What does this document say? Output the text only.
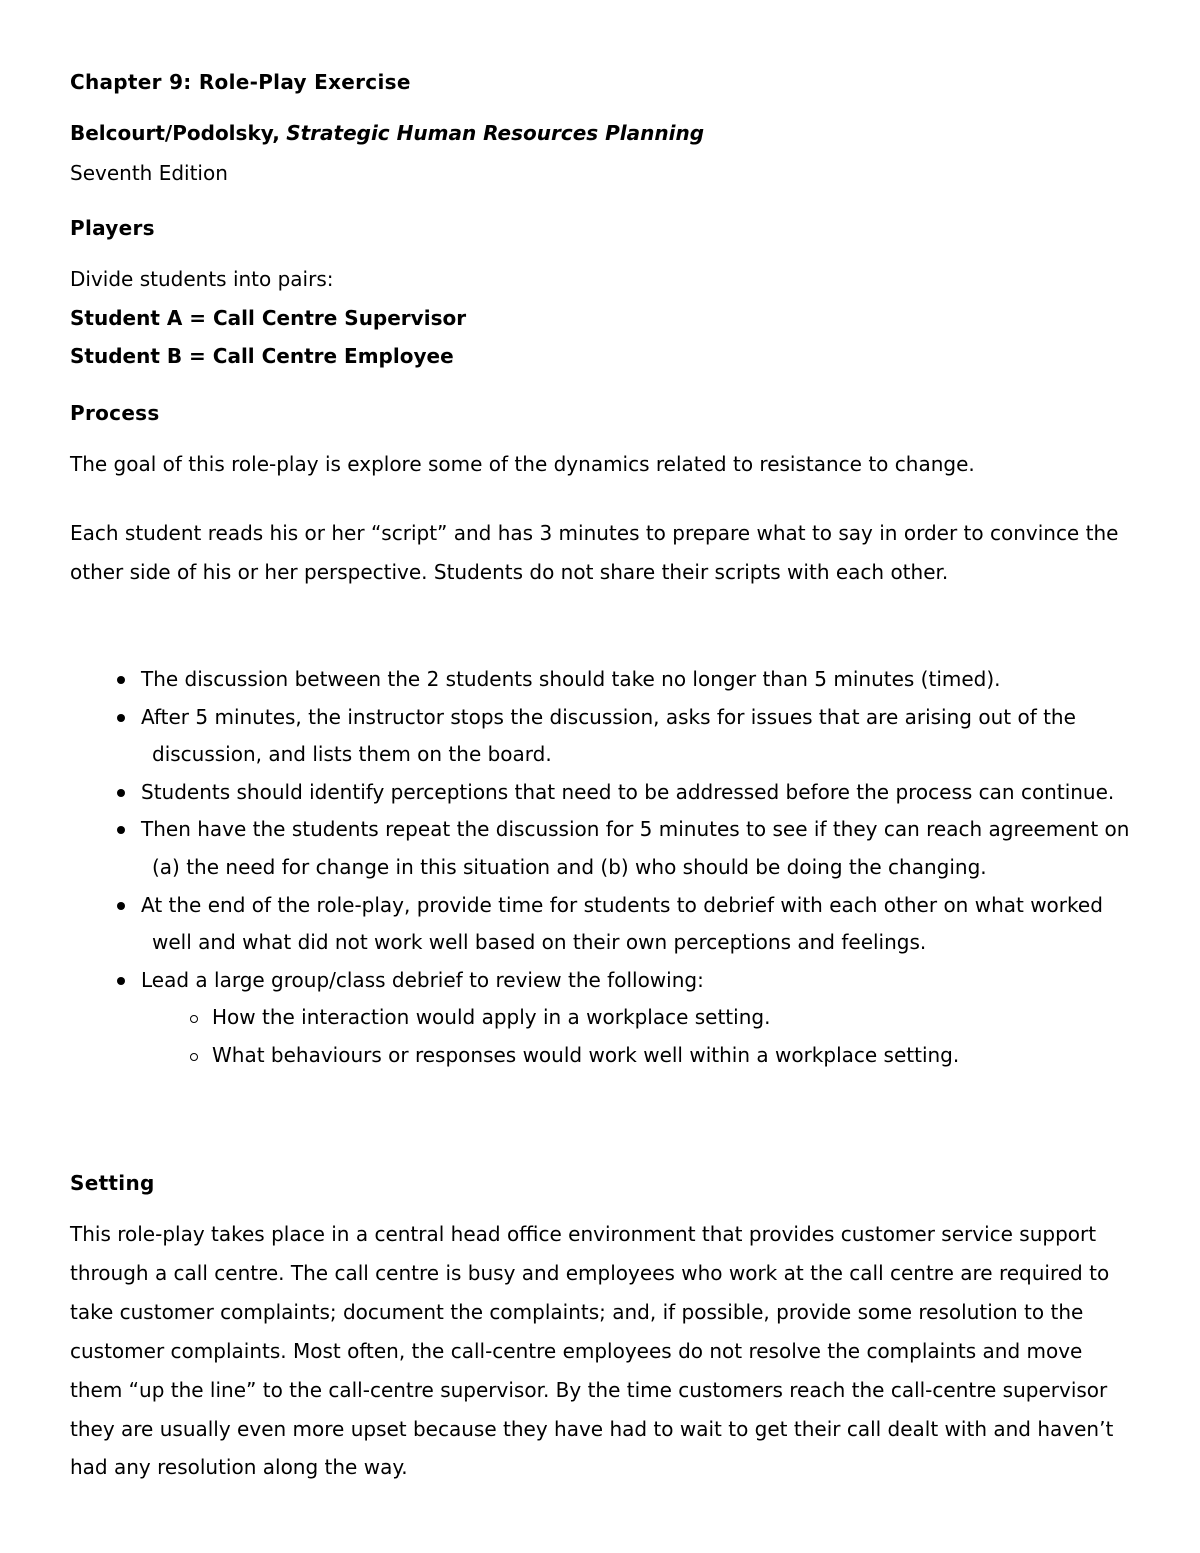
Chapter 9: Role-Play Exercise
Belcourt/Podolsky, Strategic Human Resources Planning
Seventh Edition
Players
Divide students into pairs:
Student A = Call Centre Supervisor
Student B = Call Centre Employee
Process
The goal of this role-play is explore some of the dynamics related to resistance to change.
Each student reads his or her “script” and has 3 minutes to prepare what to say in order to convince the other side of his or her perspective. Students do not share their scripts with each other.
The discussion between the 2 students should take no longer than 5 minutes (timed).
After 5 minutes, the instructor stops the discussion, asks for issues that are arising out of the discussion, and lists them on the board.
Students should identify perceptions that need to be addressed before the process can continue.
Then have the students repeat the discussion for 5 minutes to see if they can reach agreement on (a) the need for change in this situation and (b) who should be doing the changing.
At the end of the role-play, provide time for students to debrief with each other on what worked well and what did not work well based on their own perceptions and feelings.
Lead a large group/class debrief to review the following:
How the interaction would apply in a workplace setting.
What behaviours or responses would work well within a workplace setting.
Setting
This role-play takes place in a central head office environment that provides customer service support through a call centre. The call centre is busy and employees who work at the call centre are required to take customer complaints; document the complaints; and, if possible, provide some resolution to the customer complaints. Most often, the call-centre employees do not resolve the complaints and move them “up the line” to the call-centre supervisor. By the time customers reach the call-centre supervisor they are usually even more upset because they have had to wait to get their call dealt with and haven’t had any resolution along the way.
